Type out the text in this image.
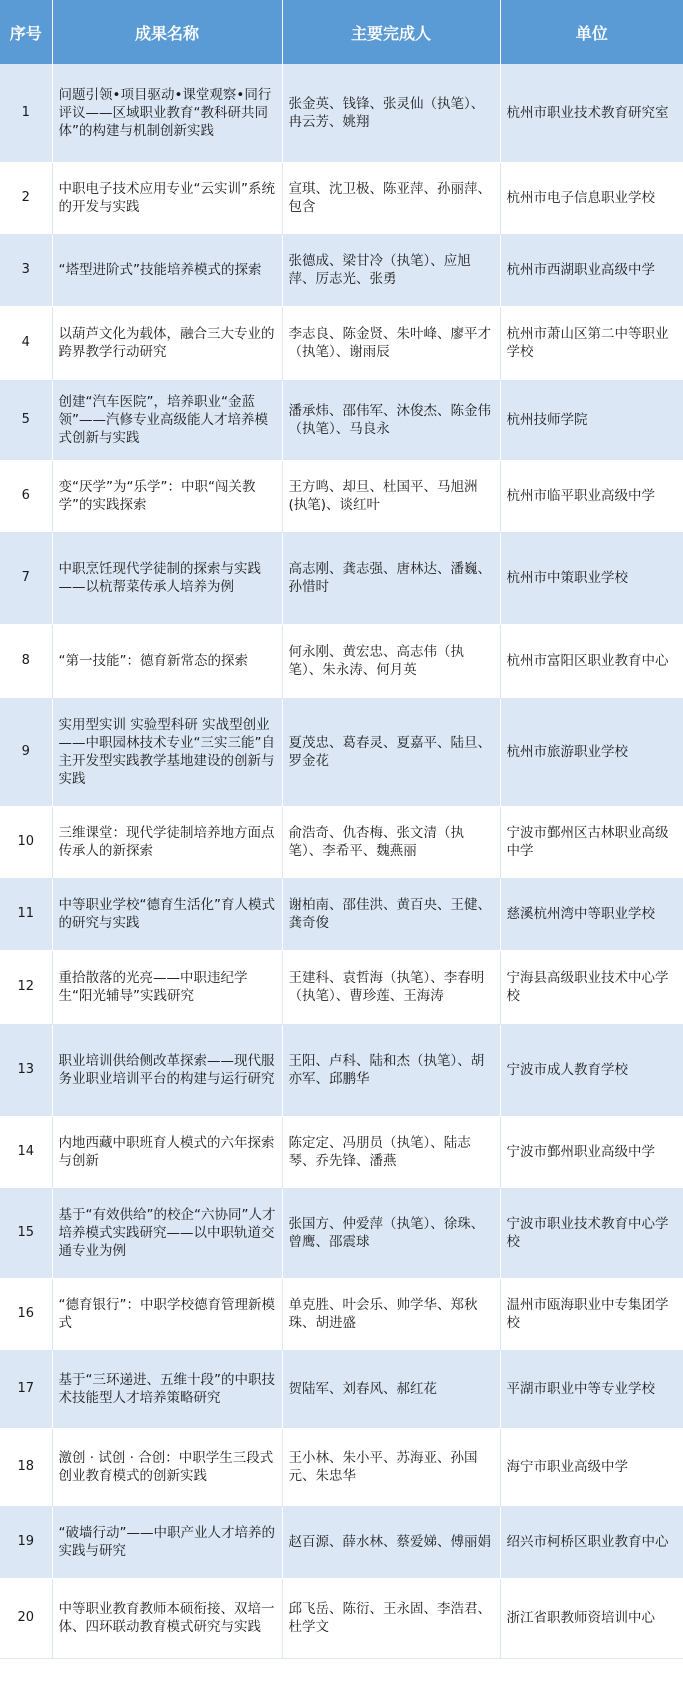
序号	成果名称	主要完成人	单位
1	问题引领•项目驱动•课堂观察•同行评议——区域职业教育“教科研共同体”的构建与机制创新实践	张金英、钱锋、张灵仙（执笔）、冉云芳、姚翔	杭州市职业技术教育研究室
2	中职电子技术应用专业“云实训”系统的开发与实践	宣琪、沈卫极、陈亚萍、孙丽萍、包含	杭州市电子信息职业学校
3	“塔型进阶式”技能培养模式的探索	张德成、梁甘冷（执笔）、应旭萍、厉志光、张勇	杭州市西湖职业高级中学
4	以葫芦文化为载体，融合三大专业的跨界教学行动研究	李志良、陈金贤、朱叶峰、廖平才（执笔）、谢雨辰	杭州市萧山区第二中等职业学校
5	创建“汽车医院”，培养职业“金蓝领”——汽修专业高级能人才培养模式创新与实践	潘承炜、邵伟军、沐俊杰、陈金伟（执笔）、马良永	杭州技师学院
6	变“厌学”为“乐学”：中职“闯关教学”的实践探索	王方鸣、却旦、杜国平、马旭洲(执笔)、谈红叶	杭州市临平职业高级中学
7	中职烹饪现代学徒制的探索与实践——以杭帮菜传承人培养为例	高志刚、龚志强、唐林达、潘巍、孙惜时	杭州市中策职业学校
8	“第一技能”：德育新常态的探索	何永刚、黄宏忠、高志伟（执笔）、朱永涛、何月英	杭州市富阳区职业教育中心
9	实用型实训 实验型科研 实战型创业——中职园林技术专业“三实三能”自主开发型实践教学基地建设的创新与实践	夏茂忠、葛春灵、夏嘉平、陆旦、罗金花	杭州市旅游职业学校
10	三维课堂：现代学徒制培养地方面点传承人的新探索	俞浩奇、仇杏梅、张文清（执笔）、李希平、魏燕丽	宁波市鄞州区古林职业高级中学
11	中等职业学校“德育生活化”育人模式的研究与实践	谢柏南、邵佳洪、黄百央、王健、龚奇俊	慈溪杭州湾中等职业学校
12	重拾散落的光亮——中职违纪学生“阳光辅导”实践研究	王建科、袁哲海（执笔）、李春明（执笔）、曹珍莲、王海涛	宁海县高级职业技术中心学校
13	职业培训供给侧改革探索——现代服务业职业培训平台的构建与运行研究	王阳、卢科、陆和杰（执笔）、胡亦军、邱鹏华	宁波市成人教育学校
14	内地西藏中职班育人模式的六年探索与创新	陈定定、冯朋员（执笔）、陆志琴、乔先锋、潘燕	宁波市鄞州职业高级中学
15	基于“有效供给”的校企“六协同”人才培养模式实践研究——以中职轨道交通专业为例	张国方、仲爱萍（执笔）、徐珠、曾鹰、邵震球	宁波市职业技术教育中心学校
16	“德育银行”：中职学校德育管理新模式	单克胜、叶会乐、帅学华、郑秋珠、胡进盛	温州市瓯海职业中专集团学校
17	基于“三环递进、五维十段”的中职技术技能型人才培养策略研究	贺陆军、刘春风、郝红花	平湖市职业中等专业学校
18	激创 · 试创 · 合创：中职学生三段式创业教育模式的创新实践	王小林、朱小平、苏海亚、孙国元、朱忠华	海宁市职业高级中学
19	“破墙行动”——中职产业人才培养的实践与研究	赵百源、薛水林、蔡爱娣、傅丽娟	绍兴市柯桥区职业教育中心
20	中等职业教育教师本硕衔接、双培一体、四环联动教育模式研究与实践	邱飞岳、陈衍、王永固、李浩君、杜学文	浙江省职教师资培训中心
